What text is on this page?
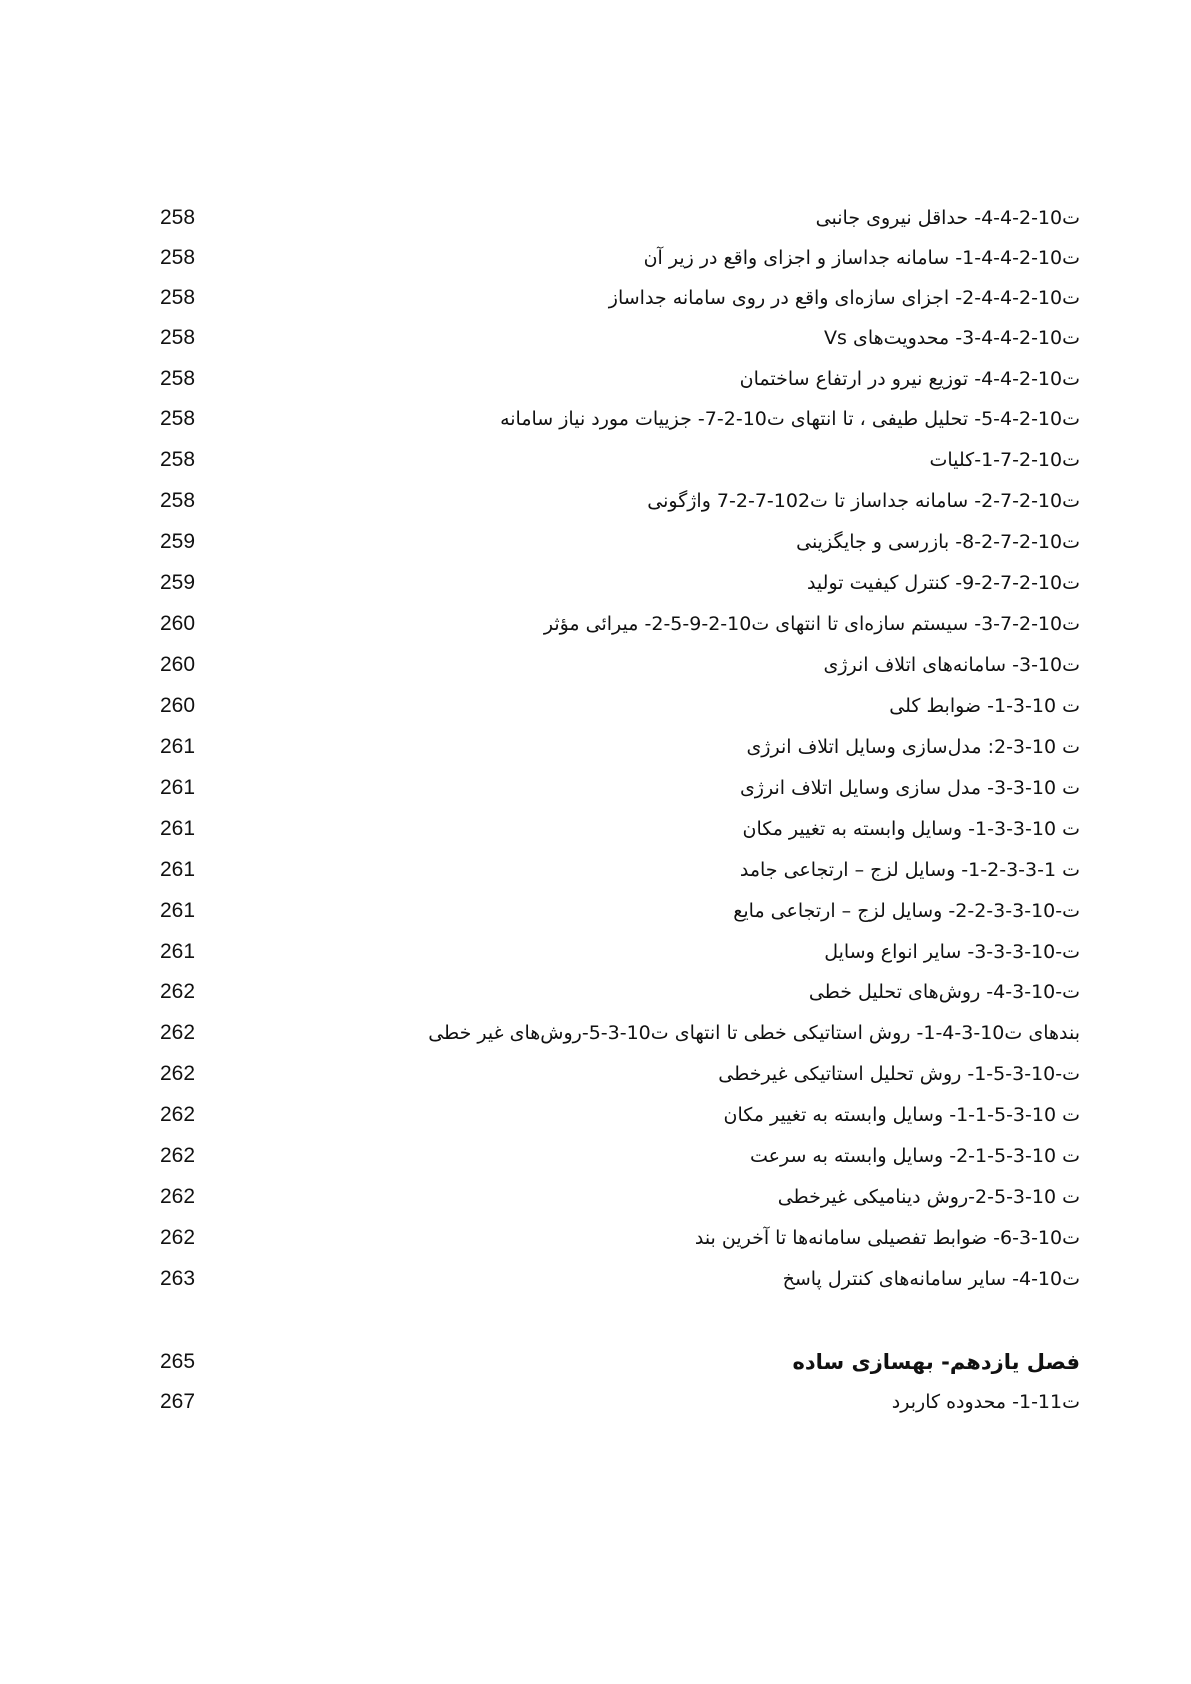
ت10-2-4-4- حداقل نیروی جانبی
258
ت10-2-4-4-1- سامانه جداساز و اجزای واقع در زیر آن
258
ت10-2-4-4-2- اجزای سازه‌ای واقع در روی سامانه جداساز
258
ت10-2-4-4-3- محدویت‌های Vs
258
ت10-2-4-4- توزیع نیرو در ارتفاع ساختمان
258
ت10-2-4-5- تحلیل طیفی ، تا انتهای ت10-2-7- جزییات مورد نیاز سامانه
258
ت10-2-7-1-کلیات
258
ت10-2-7-2- سامانه جداساز تا ت102-7-2-7 واژگونی
258
ت10-2-7-2-8- بازرسی و جایگزینی
259
ت10-2-7-2-9- کنترل کیفیت تولید
259
ت10-2-7-3- سیستم سازه‌ای تا انتهای ت10-2-9-5-2- میرائی مؤثر
260
ت10-3- سامانه‌های اتلاف انرژی
260
ت 10-3-1- ضوابط کلی
260
ت 10-3-2: مدل‌سازی وسایل اتلاف انرژی
261
ت 10-3-3- مدل سازی وسایل اتلاف انرژی
261
ت 10-3-3-1- وسایل وابسته به تغییر مکان
261
ت 1-3-3-2-1- وسایل لزج – ارتجاعی جامد
261
ت-10-3-3-2-2- وسایل لزج – ارتجاعی مایع
261
ت-10-3-3-3- سایر انواع وسایل
261
ت-10-3-4- روش‌های تحلیل خطی
262
بندهای ت10-3-4-1- روش استاتیکی خطی تا انتهای ت10-3-5-روش‌های غیر خطی
262
ت-10-3-5-1- روش تحلیل استاتیکی غیرخطی
262
ت 10-3-5-1-1- وسایل وابسته به تغییر مکان
262
ت 10-3-5-1-2- وسایل وابسته به سرعت
262
ت 10-3-5-2-روش دینامیکی غیرخطی
262
ت10-3-6- ضوابط تفصیلی سامانه‌ها تا آخرین بند
262
ت10-4- سایر سامانه‌های کنترل پاسخ
263
فصل یازدهم- بهسازی ساده
265
ت11-1- محدوده کاربرد
267
